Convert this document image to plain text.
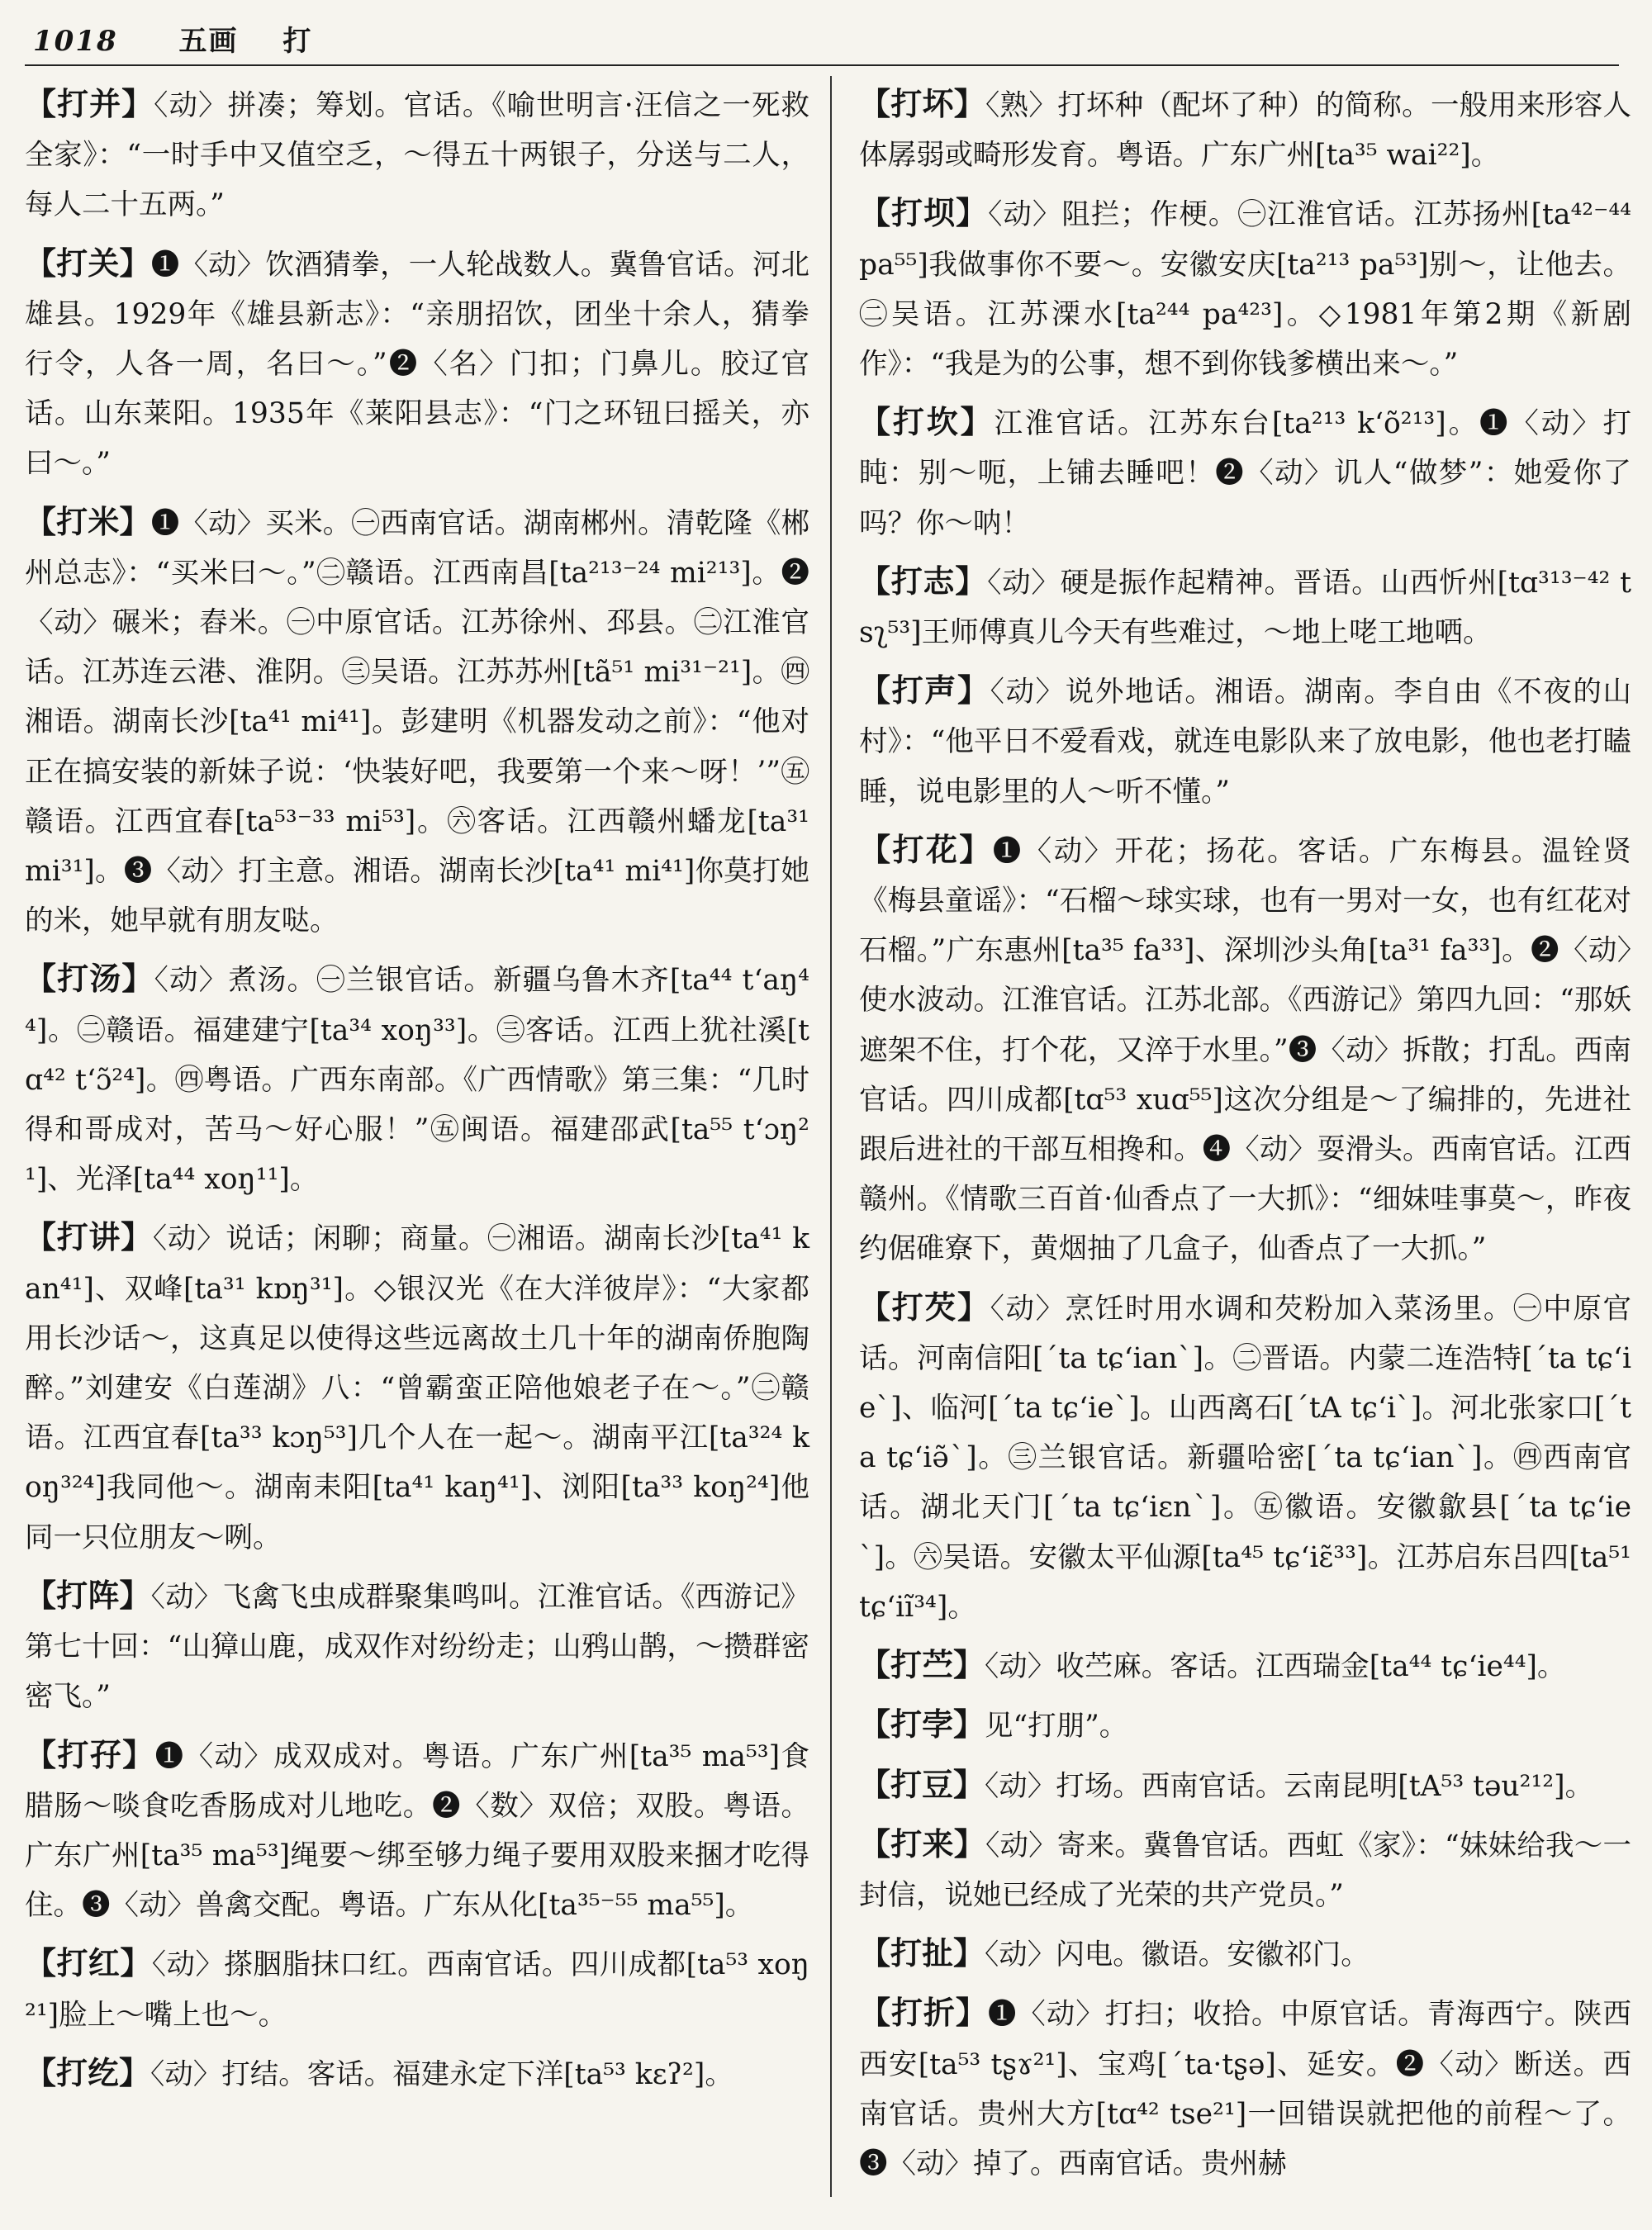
1018 五画 打
【打并】〈动〉拼凑；筹划。官话。《喻世明言·汪信之一死救全家》：“一时手中又值空乏，～得五十两银子，分送与二人，每人二十五两。”
【打关】❶〈动〉饮酒猜拳，一人轮战数人。冀鲁官话。河北雄县。1929年《雄县新志》：“亲朋招饮，团坐十余人，猜拳行令，人各一周，名曰～。”❷〈名〉门扣；门鼻儿。胶辽官话。山东莱阳。1935年《莱阳县志》：“门之环钮曰摇关，亦曰～。”
【打米】❶〈动〉买米。㊀西南官话。湖南郴州。清乾隆《郴州总志》：“买米曰～。”㊁赣语。江西南昌[ta²¹³⁻²⁴ mi²¹³]。❷〈动〉碾米；舂米。㊀中原官话。江苏徐州、邳县。㊁江淮官话。江苏连云港、淮阴。㊂吴语。江苏苏州[tã⁵¹ mi³¹⁻²¹]。㊃湘语。湖南长沙[ta⁴¹ mi⁴¹]。彭建明《机器发动之前》：“他对正在搞安装的新妹子说：‘快装好吧，我要第一个来～呀！’”㊄赣语。江西宜春[ta⁵³⁻³³ mi⁵³]。㊅客话。江西赣州蟠龙[ta³¹ mi³¹]。❸〈动〉打主意。湘语。湖南长沙[ta⁴¹ mi⁴¹]你莫打她的米，她早就有朋友哒。
【打汤】〈动〉煮汤。㊀兰银官话。新疆乌鲁木齐[ta⁴⁴ tʻaŋ⁴⁴]。㊁赣语。福建建宁[ta³⁴ xoŋ³³]。㊂客话。江西上犹社溪[tɑ⁴² tʻɔ̃²⁴]。㊃粤语。广西东南部。《广西情歌》第三集：“几时得和哥成对，苦马～好心服！”㊄闽语。福建邵武[ta⁵⁵ tʻɔŋ²¹]、光泽[ta⁴⁴ xoŋ¹¹]。
【打讲】〈动〉说话；闲聊；商量。㊀湘语。湖南长沙[ta⁴¹ kan⁴¹]、双峰[ta³¹ kɒŋ³¹]。◇银汉光《在大洋彼岸》：“大家都用长沙话～，这真足以使得这些远离故土几十年的湖南侨胞陶醉。”刘建安《白莲湖》八：“曾霸蛮正陪他娘老子在～。”㊁赣语。江西宜春[ta³³ kɔŋ⁵³]几个人在一起～。湖南平江[ta³²⁴ koŋ³²⁴]我同他～。湖南耒阳[ta⁴¹ kaŋ⁴¹]、浏阳[ta³³ koŋ²⁴]他同一只位朋友～咧。
【打阵】〈动〉飞禽飞虫成群聚集鸣叫。江淮官话。《西游记》第七十回：“山獐山鹿，成双作对纷纷走；山鸦山鹊，～攒群密密飞。”
【打孖】❶〈动〉成双成对。粤语。广东广州[ta³⁵ ma⁵³]食腊肠～啖食吃香肠成对儿地吃。❷〈数〉双倍；双股。粤语。广东广州[ta³⁵ ma⁵³]绳要～绑至够力绳子要用双股来捆才吃得住。❸〈动〉兽禽交配。粤语。广东从化[ta³⁵⁻⁵⁵ ma⁵⁵]。
【打红】〈动〉搽胭脂抹口红。西南官话。四川成都[ta⁵³ xoŋ²¹]脸上～嘴上也～。
【打纥】〈动〉打结。客话。福建永定下洋[ta⁵³ kɛʔ²]。
【打坏】〈熟〉打坏种（配坏了种）的简称。一般用来形容人体孱弱或畸形发育。粤语。广东广州[ta³⁵ wai²²]。
【打坝】〈动〉阻拦；作梗。㊀江淮官话。江苏扬州[ta⁴²⁻⁴⁴ pa⁵⁵]我做事你不要～。安徽安庆[ta²¹³ pa⁵³]别～，让他去。㊁吴语。江苏溧水[ta²⁴⁴ pa⁴²³]。◇1981年第2期《新剧作》：“我是为的公事，想不到你钱爹横出来～。”
【打坎】江淮官话。江苏东台[ta²¹³ kʻõ²¹³]。❶〈动〉打盹：别～呃，上铺去睡吧！❷〈动〉讥人“做梦”：她爱你了吗？你～呐！
【打志】〈动〉硬是振作起精神。晋语。山西忻州[tɑ³¹³⁻⁴² tsʅ⁵³]王师傅真儿今天有些难过，～地上咾工地哂。
【打声】〈动〉说外地话。湘语。湖南。李自由《不夜的山村》：“他平日不爱看戏，就连电影队来了放电影，他也老打瞌睡，说电影里的人～听不懂。”
【打花】❶〈动〉开花；扬花。客话。广东梅县。温铨贤《梅县童谣》：“石榴～球实球，也有一男对一女，也有红花对石榴。”广东惠州[ta³⁵ fa³³]、深圳沙头角[ta³¹ fa³³]。❷〈动〉使水波动。江淮官话。江苏北部。《西游记》第四九回：“那妖遮架不住，打个花，又淬于水里。”❸〈动〉拆散；打乱。西南官话。四川成都[tɑ⁵³ xuɑ⁵⁵]这次分组是～了编排的，先进社跟后进社的干部互相搀和。❹〈动〉耍滑头。西南官话。江西赣州。《情歌三百首·仙香点了一大抓》：“细妹哇事莫～，昨夜约倨碓寮下，黄烟抽了几盒子，仙香点了一大抓。”
【打芡】〈动〉烹饪时用水调和芡粉加入菜汤里。㊀中原官话。河南信阳[ˊta tɕʻianˋ]。㊁晋语。内蒙二连浩特[ˊta tɕʻieˋ]、临河[ˊta tɕʻieˋ]。山西离石[ˊtA tɕʻiˋ]。河北张家口[ˊta tɕʻiə̃ˋ]。㊂兰银官话。新疆哈密[ˊta tɕʻianˋ]。㊃西南官话。湖北天门[ˊta tɕʻiɛnˋ]。㊄徽语。安徽歙县[ˊta tɕʻieˋ]。㊅吴语。安徽太平仙源[ta⁴⁵ tɕʻiɛ̃³³]。江苏启东吕四[ta⁵¹ tɕʻiĩ³⁴]。
【打苎】〈动〉收苎麻。客话。江西瑞金[ta⁴⁴ tɕʻie⁴⁴]。
【打孛】见“打朋”。
【打豆】〈动〉打场。西南官话。云南昆明[tA⁵³ təu²¹²]。
【打来】〈动〉寄来。冀鲁官话。西虹《家》：“妹妹给我～一封信，说她已经成了光荣的共产党员。”
【打扯】〈动〉闪电。徽语。安徽祁门。
【打折】❶〈动〉打扫；收拾。中原官话。青海西宁。陕西西安[ta⁵³ tʂɤ²¹]、宝鸡[ˊta·tʂə]、延安。❷〈动〉断送。西南官话。贵州大方[tɑ⁴² tse²¹]一回错误就把他的前程～了。❸〈动〉掉了。西南官话。贵州赫
